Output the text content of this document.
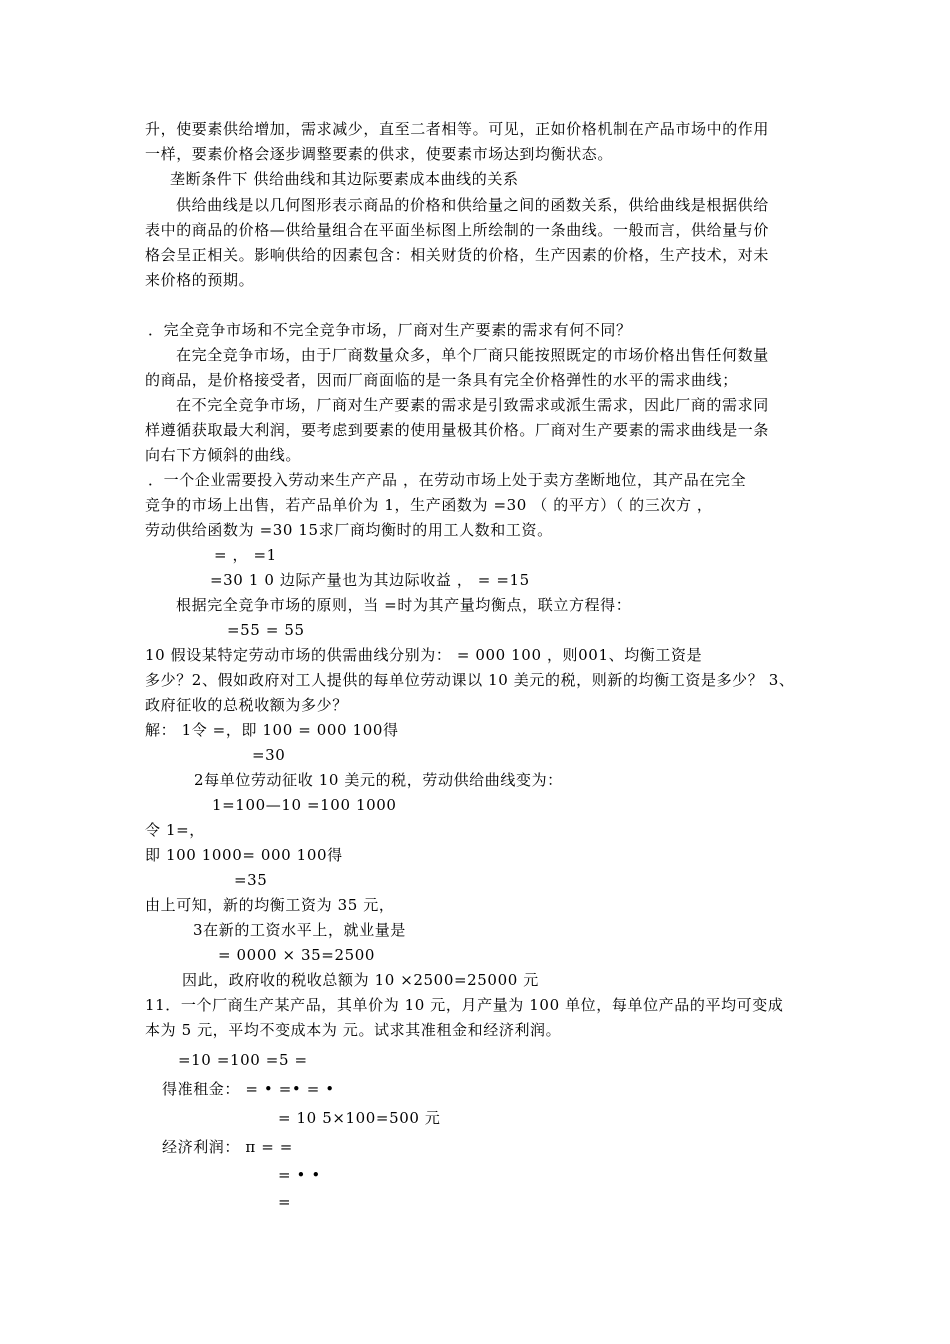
升，使要素供给增加，需求减少，直至二者相等。可见，正如价格机制在产品市场中的作用
一样，要素价格会逐步调整要素的供求，使要素市场达到均衡状态。
垄断条件下 供给曲线和其边际要素成本曲线的关系
供给曲线是以几何图形表示商品的价格和供给量之间的函数关系，供给曲线是根据供给
表中的商品的价格—供给量组合在平面坐标图上所绘制的一条曲线。一般而言，供给量与价
格会呈正相关。影响供给的因素包含：相关财货的价格，生产因素的价格，生产技术，对未
来价格的预期。
．完全竞争市场和不完全竞争市场，厂商对生产要素的需求有何不同？
在完全竞争市场，由于厂商数量众多，单个厂商只能按照既定的市场价格出售任何数量
的商品，是价格接受者，因而厂商面临的是一条具有完全价格弹性的水平的需求曲线；
在不完全竞争市场，厂商对生产要素的需求是引致需求或派生需求，因此厂商的需求同
样遵循获取最大利润，要考虑到要素的使用量极其价格。厂商对生产要素的需求曲线是一条
向右下方倾斜的曲线。
．一个企业需要投入劳动来生产产品 ，在劳动市场上处于卖方垄断地位，其产品在完全
竞争的市场上出售，若产品单价为 1，生产函数为 =30 （ 的平方）（ 的三次方 ，
劳动供给函数为 =30 15求厂商均衡时的用工人数和工资。
= ， =1
=30 1 0 边际产量也为其边际收益 ， = =15
根据完全竞争市场的原则，当 =时为其产量均衡点，联立方程得：
=55 = 55
10 假设某特定劳动市场的供需曲线分别为： = 000 100 ，则001、均衡工资是
多少？2、假如政府对工人提供的每单位劳动课以 10 美元的税，则新的均衡工资是多少？ 3、
政府征收的总税收额为多少？
解： 1令 =，即 100 = 000 100得
=30
2每单位劳动征收 10 美元的税，劳动供给曲线变为：
1=100—10 =100 1000
令 1=，
即 100 1000= 000 100得
=35
由上可知，新的均衡工资为 35 元，
3在新的工资水平上，就业量是
= 0000 × 35=2500
因此，政府收的税收总额为 10 ×2500=25000 元
11．一个厂商生产某产品，其单价为 10 元，月产量为 100 单位，每单位产品的平均可变成
本为 5 元，平均不变成本为 元。试求其准租金和经济利润。
=10 =100 =5 =
得准租金： = • =• = •
= 10 5×100=500 元
经济利润： π = =
= • •
=
